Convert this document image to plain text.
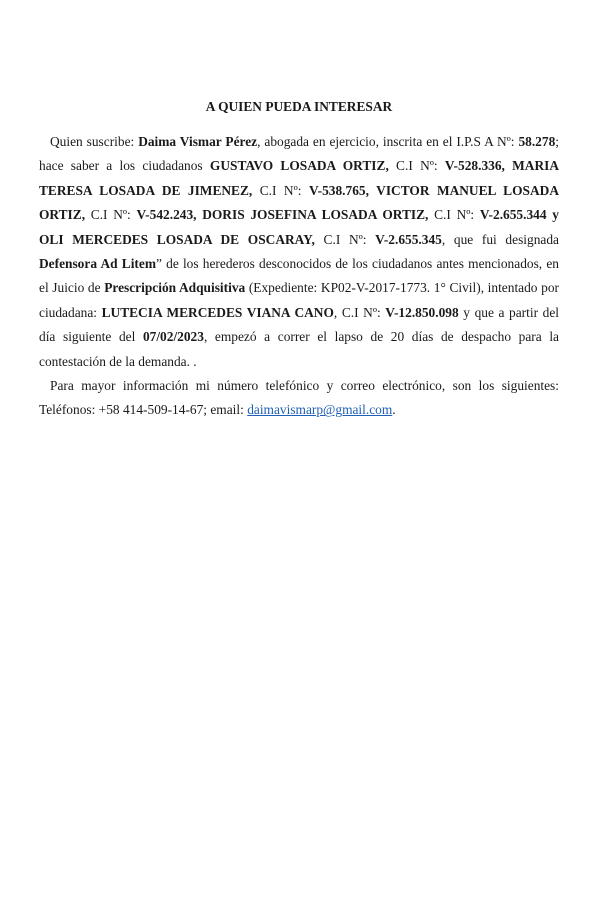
A QUIEN PUEDA INTERESAR

Quien suscribe: Daima Vismar Pérez, abogada en ejercicio, inscrita en el I.P.S A Nº: 58.278; hace saber a los ciudadanos GUSTAVO LOSADA ORTIZ, C.I Nº: V-528.336, MARIA TERESA LOSADA DE JIMENEZ, C.I Nº: V-538.765, VICTOR MANUEL LOSADA ORTIZ, C.I Nº: V-542.243, DORIS JOSEFINA LOSADA ORTIZ, C.I Nº: V-2.655.344 y OLI MERCEDES LOSADA DE OSCARAY, C.I Nº: V-2.655.345, que fui designada Defensora Ad Litem” de los herederos desconocidos de los ciudadanos antes mencionados, en el Juicio de Prescripción Adquisitiva (Expediente: KP02-V-2017-1773. 1° Civil), intentado por ciudadana: LUTECIA MERCEDES VIANA CANO, C.I Nº: V-12.850.098 y que a partir del día siguiente del 07/02/2023, empezó a correr el lapso de 20 días de despacho para la contestación de la demanda. .

Para mayor información mi número telefónico y correo electrónico, son los siguientes: Teléfonos: +58 414-509-14-67; email: daimavismarp@gmail.com.
